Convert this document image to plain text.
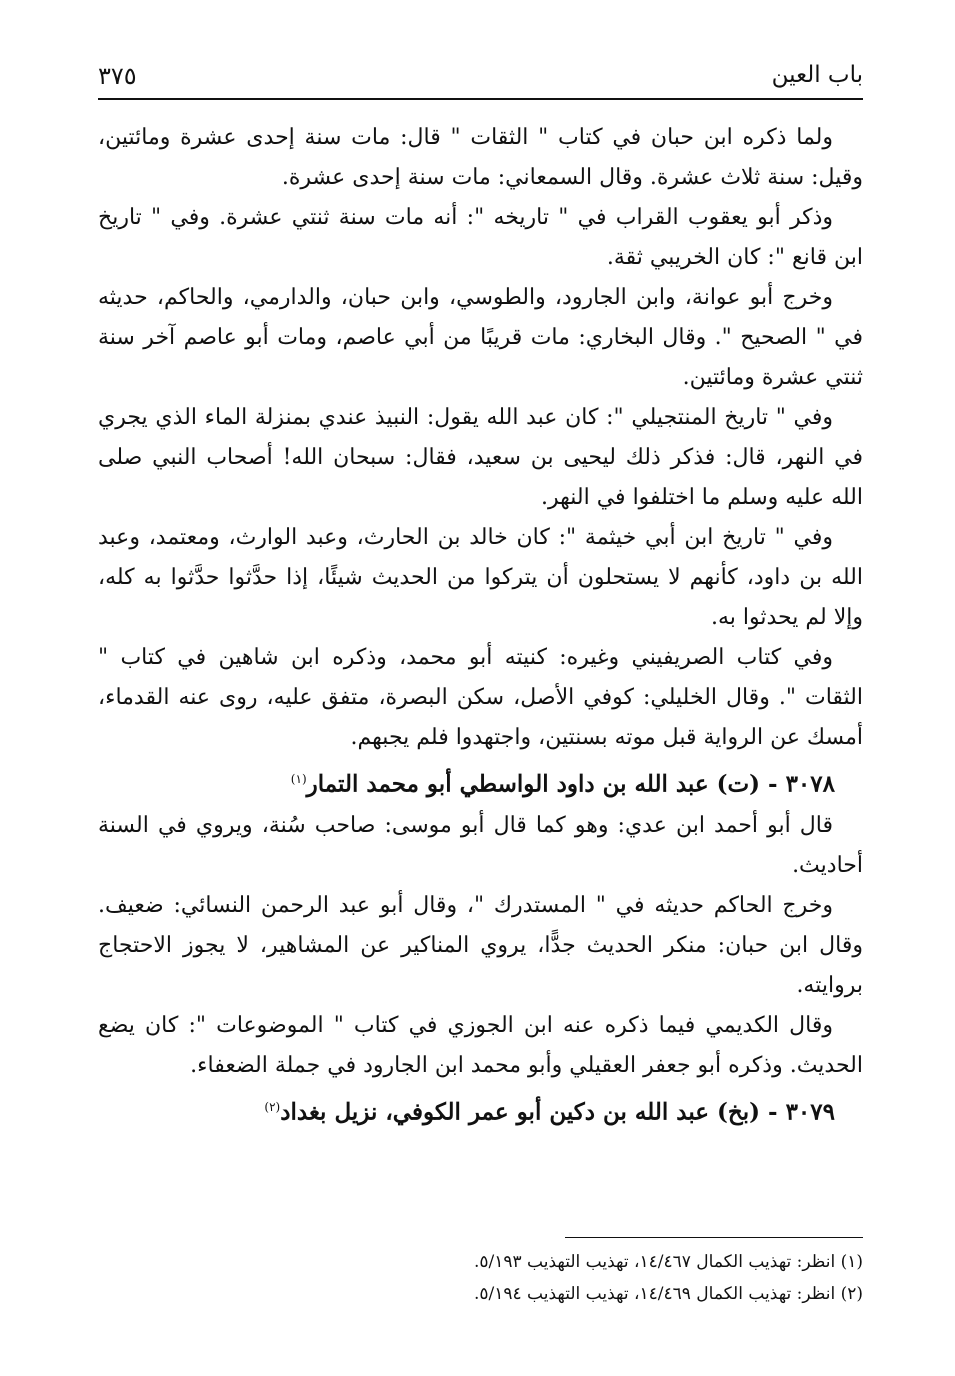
باب العين
٣٧٥

ولما ذكره ابن حبان في كتاب " الثقات " قال: مات سنة إحدى عشرة ومائتين، وقيل: سنة ثلاث عشرة. وقال السمعاني: مات سنة إحدى عشرة.

وذكر أبو يعقوب القراب في " تاريخه ": أنه مات سنة ثنتي عشرة. وفي " تاريخ ابن قانع ": كان الخريبي ثقة.

وخرج أبو عوانة، وابن الجارود، والطوسي، وابن حبان، والدارمي، والحاكم، حديثه في " الصحيح ". وقال البخاري: مات قريبًا من أبي عاصم، ومات أبو عاصم آخر سنة ثنتي عشرة ومائتين.

وفي " تاريخ المنتجيلي ": كان عبد الله يقول: النبيذ عندي بمنزلة الماء الذي يجري في النهر، قال: فذكر ذلك ليحيى بن سعيد، فقال: سبحان الله! أصحاب النبي صلى الله عليه وسلم ما اختلفوا في النهر.

وفي " تاريخ ابن أبي خيثمة ": كان خالد بن الحارث، وعبد الوارث، ومعتمد، وعبد الله بن داود، كأنهم لا يستحلون أن يتركوا من الحديث شيئًا، إذا حدَّثوا حدَّثوا به كله، وإلا لم يحدثوا به.

وفي كتاب الصريفيني وغيره: كنيته أبو محمد، وذكره ابن شاهين في كتاب " الثقات ". وقال الخليلي: كوفي الأصل، سكن البصرة، متفق عليه، روى عنه القدماء، أمسك عن الرواية قبل موته بسنتين، واجتهدوا فلم يجبهم.

٣٠٧٨ - (ت) عبد الله بن داود الواسطي أبو محمد التمار$^{(١)}$

قال أبو أحمد ابن عدي: وهو كما قال أبو موسى: صاحب سُنة، ويروي في السنة أحاديث.

وخرج الحاكم حديثه في " المستدرك "، وقال أبو عبد الرحمن النسائي: ضعيف. وقال ابن حبان: منكر الحديث جدًّا، يروي المناكير عن المشاهير، لا يجوز الاحتجاج بروايته.

وقال الكديمي فيما ذكره عنه ابن الجوزي في كتاب " الموضوعات ": كان يضع الحديث. وذكره أبو جعفر العقيلي وأبو محمد ابن الجارود في جملة الضعفاء.

٣٠٧٩ - (بخ) عبد الله بن دكين أبو عمر الكوفي، نزيل بغداد$^{(٢)}$

(١) انظر: تهذيب الكمال ١٤/٤٦٧، تهذيب التهذيب ٥/١٩٣.

(٢) انظر: تهذيب الكمال ١٤/٤٦٩، تهذيب التهذيب ٥/١٩٤.
